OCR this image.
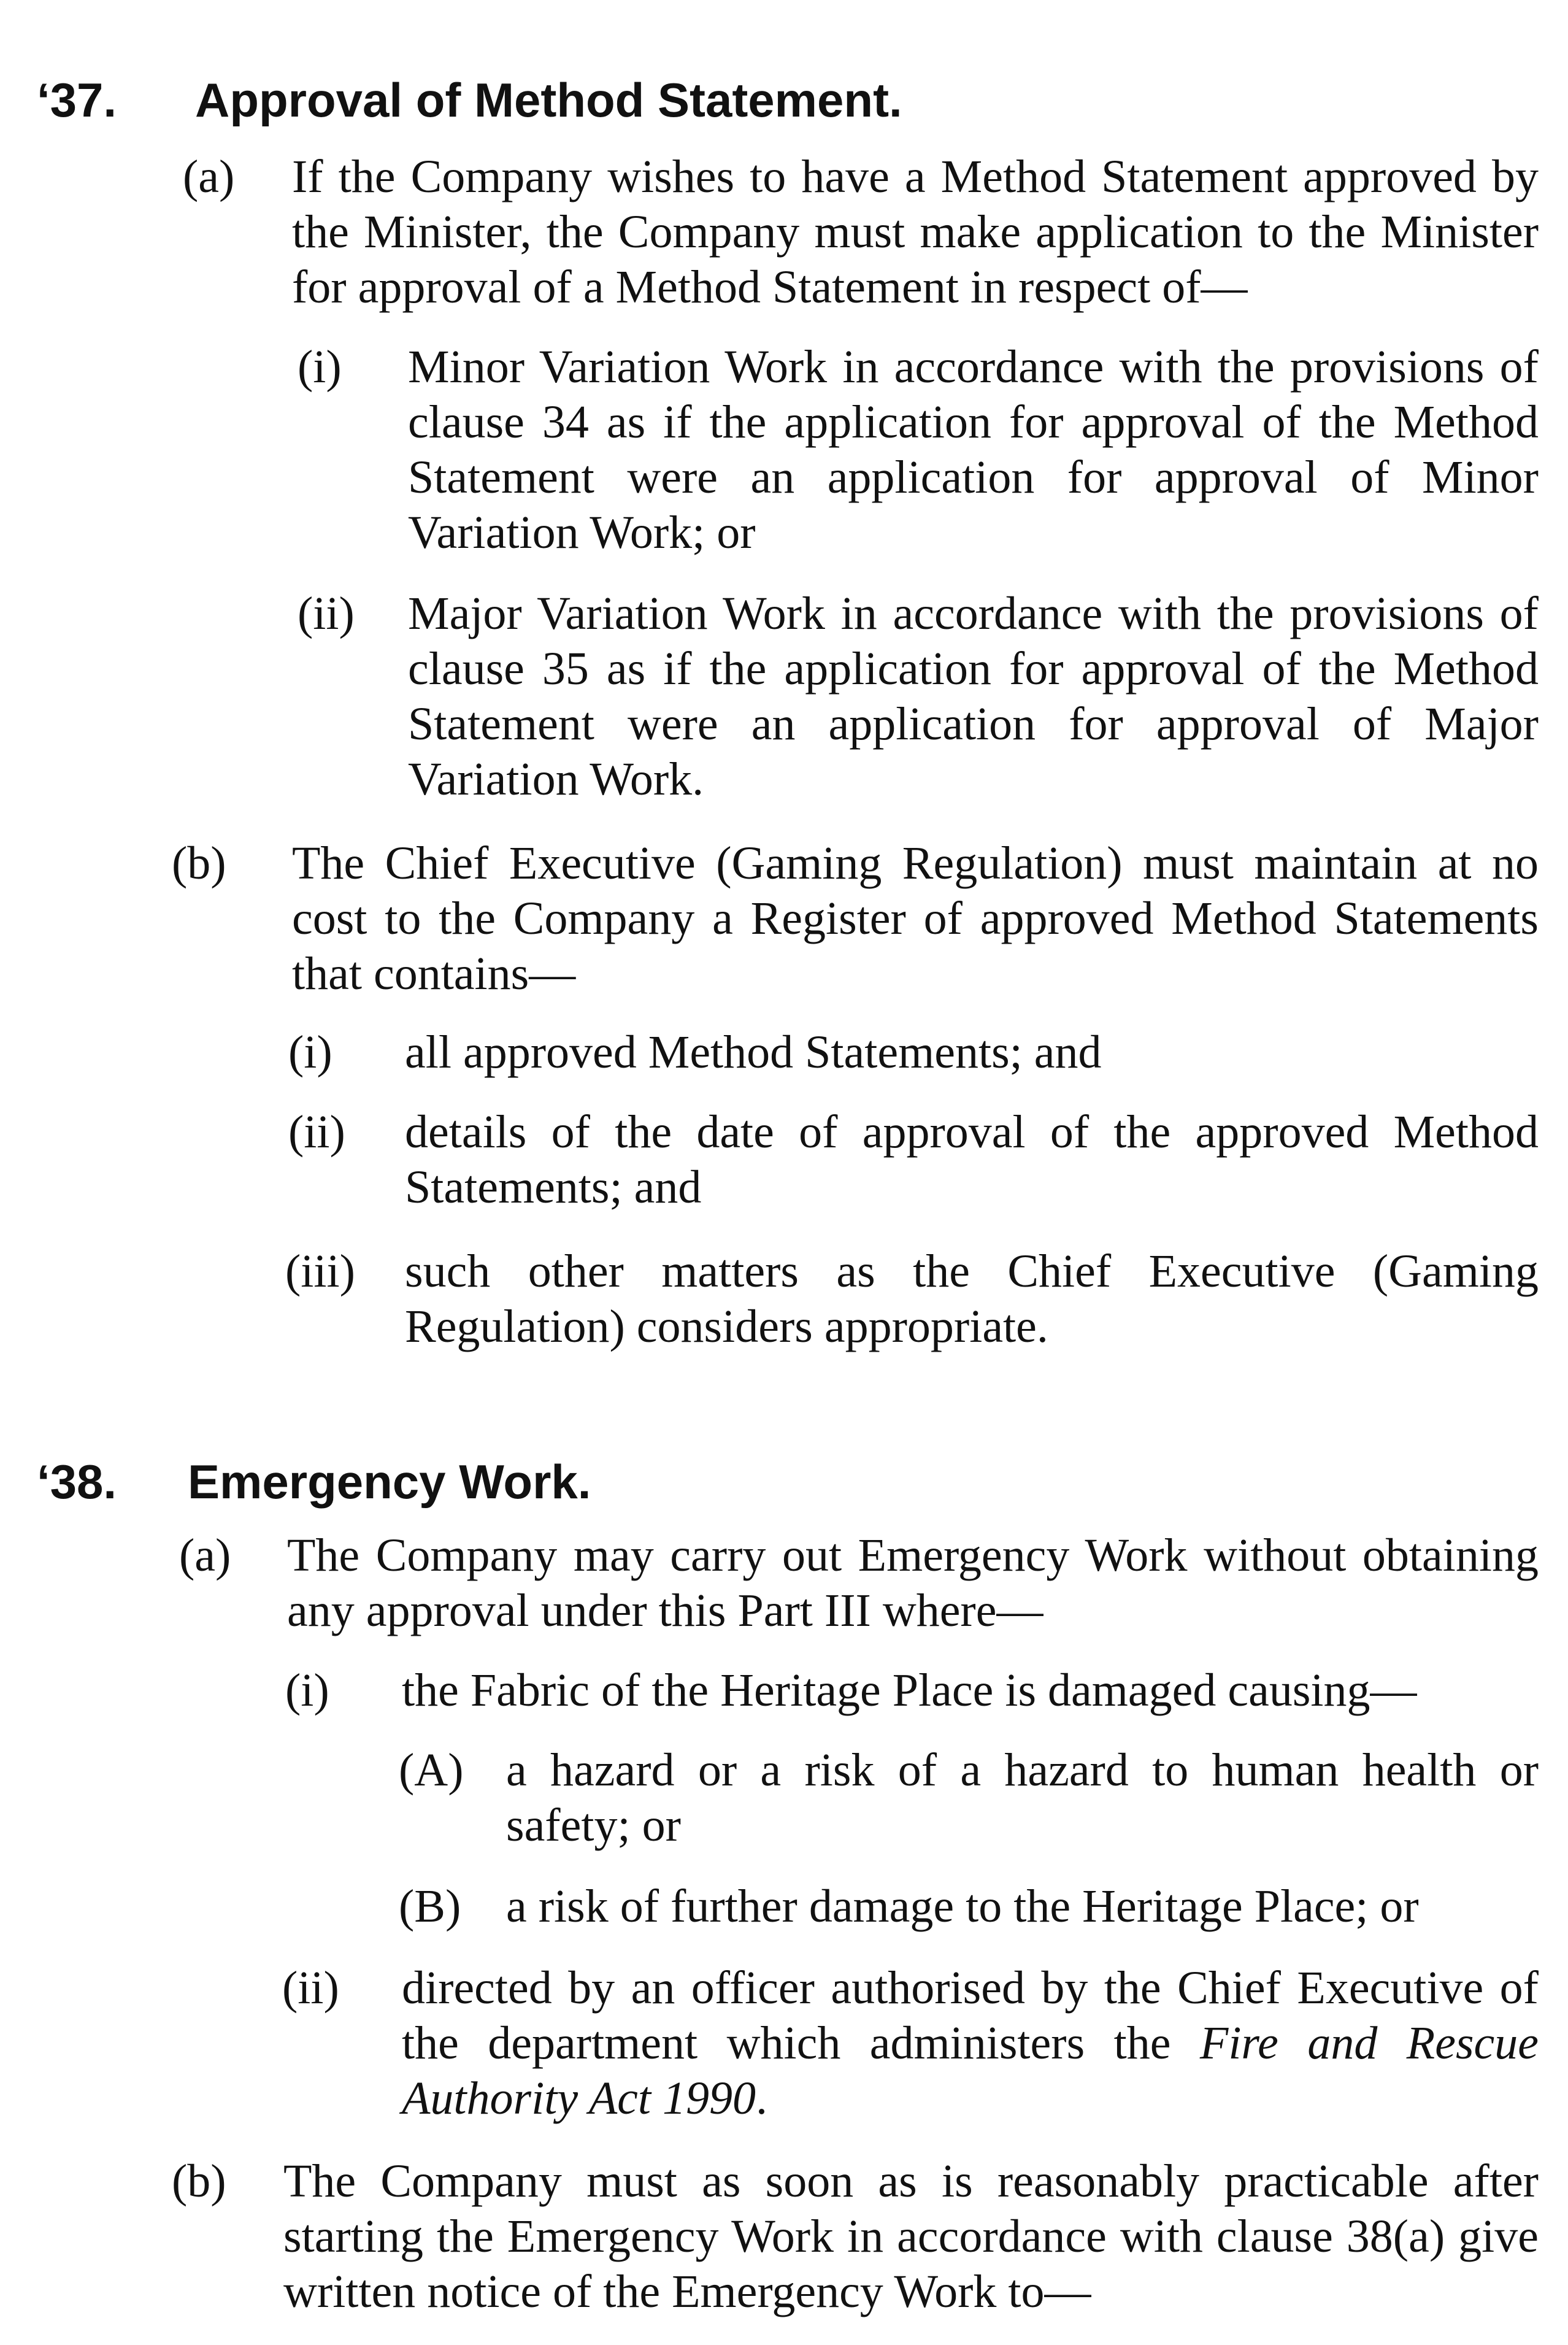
‘37. Approval of Method Statement.
(a) If the Company wishes to have a Method Statement approved by the Minister, the Company must make application to the Minister for approval of a Method Statement in respect of—
(i) Minor Variation Work in accordance with the provisions of clause 34 as if the application for approval of the Method Statement were an application for approval of Minor Variation Work; or
(ii) Major Variation Work in accordance with the provisions of clause 35 as if the application for approval of the Method Statement were an application for approval of Major Variation Work.
(b) The Chief Executive (Gaming Regulation) must maintain at no cost to the Company a Register of approved Method Statements that contains—
(i) all approved Method Statements; and
(ii) details of the date of approval of the approved Method Statements; and
(iii) such other matters as the Chief Executive (Gaming Regulation) considers appropriate.
‘38. Emergency Work.
(a) The Company may carry out Emergency Work without obtaining any approval under this Part III where—
(i) the Fabric of the Heritage Place is damaged causing—
(A) a hazard or a risk of a hazard to human health or safety; or
(B) a risk of further damage to the Heritage Place; or
(ii) directed by an officer authorised by the Chief Executive of the department which administers the Fire and Rescue Authority Act 1990.
(b) The Company must as soon as is reasonably practicable after starting the Emergency Work in accordance with clause 38(a) give written notice of the Emergency Work to—
